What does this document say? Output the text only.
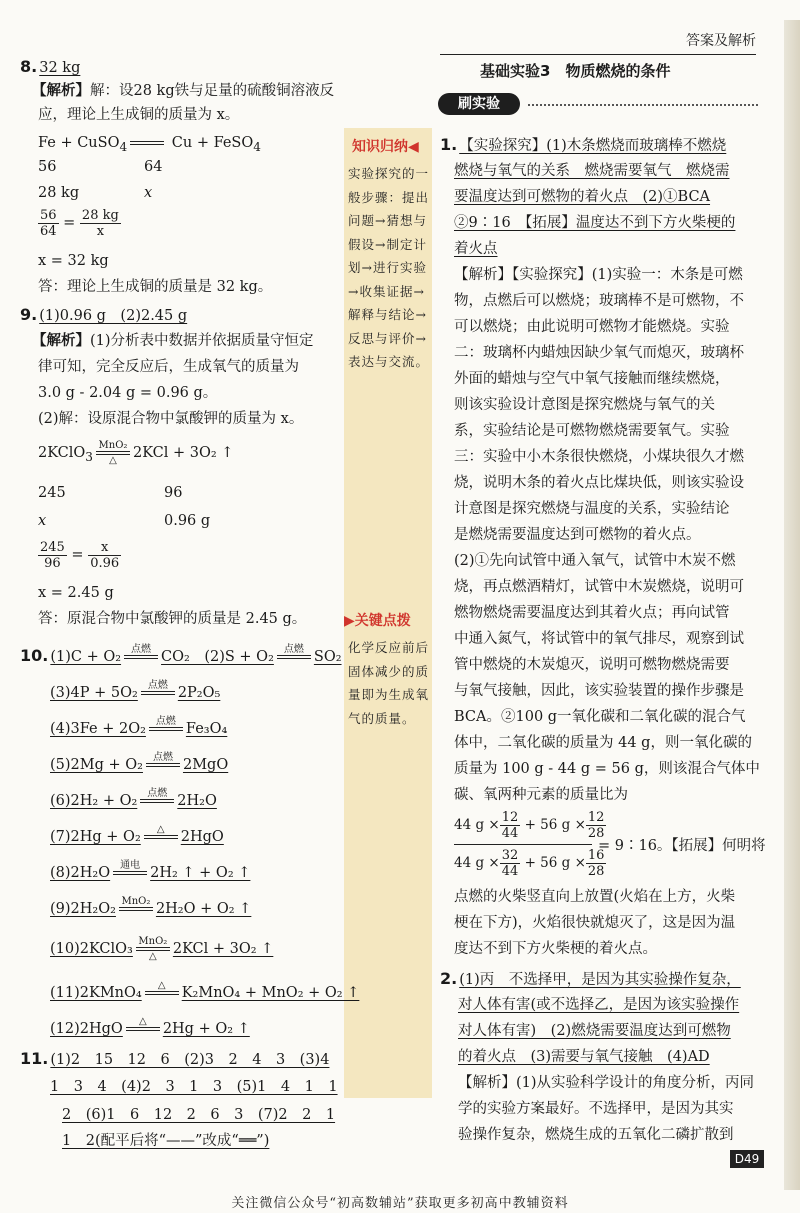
答案及解析
基础实验3　物质燃烧的条件
刷实验
知识归纳◀
实验探究的一
般步骤：提出
问题→猜想与
假设→制定计
划→进行实验
→收集证据→
解释与结论→
反思与评价→
表达与交流。
▶关键点拨
化学反应前后
固体减少的质
量即为生成氧
气的质量。
8. 32 kg
【解析】解：设28 kg铁与足量的硫酸铜溶液反
应，理论上生成铜的质量为 x。
Fe + CuSO$_4$

	Cu + FeSO$_4$
56	64
28 kg	x
$\frac{56}{64} = \frac{28 kg}{x}$
x = 32 kg
答：理论上生成铜的质量是 32 kg。
9. (1)0.96 g　(2)2.45 g
【解析】(1)分析表中数据并依据质量守恒定
律可知，完全反应后，生成氧气的质量为
3.0 g - 2.04 g = 0.96 g。
(2)解：设原混合物中氯酸钾的质量为 x。
2KClO$_3$
MnO₂
△	2KCl + 3O₂ ↑
245	96
x	0.96 g
$\frac{245}{96} = \frac{x}{0.96}$
x = 2.45 g
答：原混合物中氯酸钾的质量是 2.45 g。
10. (1)C + O₂	点燃
CO₂　(2)S + O₂	点燃
SO₂
(3)4P + 5O₂	点燃
2P₂O₅
(4)3Fe + 2O₂	点燃
Fe₃O₄
(5)2Mg + O₂	点燃
2MgO
(6)2H₂ + O₂	点燃
2H₂O
(7)2Hg + O₂	△
	2HgO
(8)2H₂O	通电
2H₂ ↑ + O₂ ↑
(9)2H₂O₂ MnO₂
2H₂O + O₂ ↑
(10)2KClO₃ MnO₂
△	2KCl + 3O₂ ↑
(11)2KMnO₄	△
	K₂MnO₄ + MnO₂ + O₂ ↑
(12)2HgO	△
	2Hg + O₂ ↑
11. (1)2　15　12　6　(2)3　2　4　3　(3)4
1　3　4　(4)2　3　1　3　(5)1　4　1　1
2　(6)1　6　12　2　6　3　(7)2　2　1
1　2(配平后将“——”改成“══”)
1. 【实验探究】(1)木条燃烧而玻璃棒不燃烧
燃烧与氧气的关系　燃烧需要氧气　燃烧需
要温度达到可燃物的着火点　(2)①BCA
②9∶16　【拓展】温度达不到下方火柴梗的
着火点
【解析】【实验探究】(1)实验一：木条是可燃
物，点燃后可以燃烧；玻璃棒不是可燃物，不
可以燃烧；由此说明可燃物才能燃烧。实验
二：玻璃杯内蜡烛因缺少氧气而熄灭，玻璃杯
外面的蜡烛与空气中氧气接触而继续燃烧，
则该实验设计意图是探究燃烧与氧气的关
系，实验结论是可燃物燃烧需要氧气。实验
三：实验中小木条很快燃烧，小煤块很久才燃
烧，说明木条的着火点比煤块低，则该实验设
计意图是探究燃烧与温度的关系，实验结论
是燃烧需要温度达到可燃物的着火点。
(2)①先向试管中通入氧气，试管中木炭不燃
烧，再点燃酒精灯，试管中木炭燃烧，说明可
燃物燃烧需要温度达到其着火点；再向试管
中通入氮气，将试管中的氧气排尽，观察到试
管中燃烧的木炭熄灭，说明可燃物燃烧需要
与氧气接触，因此，该实验装置的操作步骤是
BCA。②100 g一氧化碳和二氧化碳的混合气
体中，二氧化碳的质量为 44 g，则一氧化碳的
质量为 100 g - 44 g = 56 g，则该混合气体中
碳、氧两种元素的质量比为
44 $g \times \frac{12}{44} + 56$ $g \times \frac{12}{28}$
44 $g \times \frac{32}{44} + 56$ $g \times \frac{16}{28}$
= 9∶16。【拓展】何明将
点燃的火柴竖直向上放置(火焰在上方，火柴
梗在下方)，火焰很快就熄灭了，这是因为温
度达不到下方火柴梗的着火点。
2. (1)丙　不选择甲，是因为其实验操作复杂，
对人体有害(或不选择乙，是因为该实验操作
对人体有害)　(2)燃烧需要温度达到可燃物
的着火点　(3)需要与氧气接触　(4)AD
【解析】(1)从实验科学设计的角度分析，丙同
学的实验方案最好。不选择甲，是因为其实
验操作复杂，燃烧生成的五氧化二磷扩散到
D49
关注微信公众号“初高数辅站”获取更多初高中教辅资料
